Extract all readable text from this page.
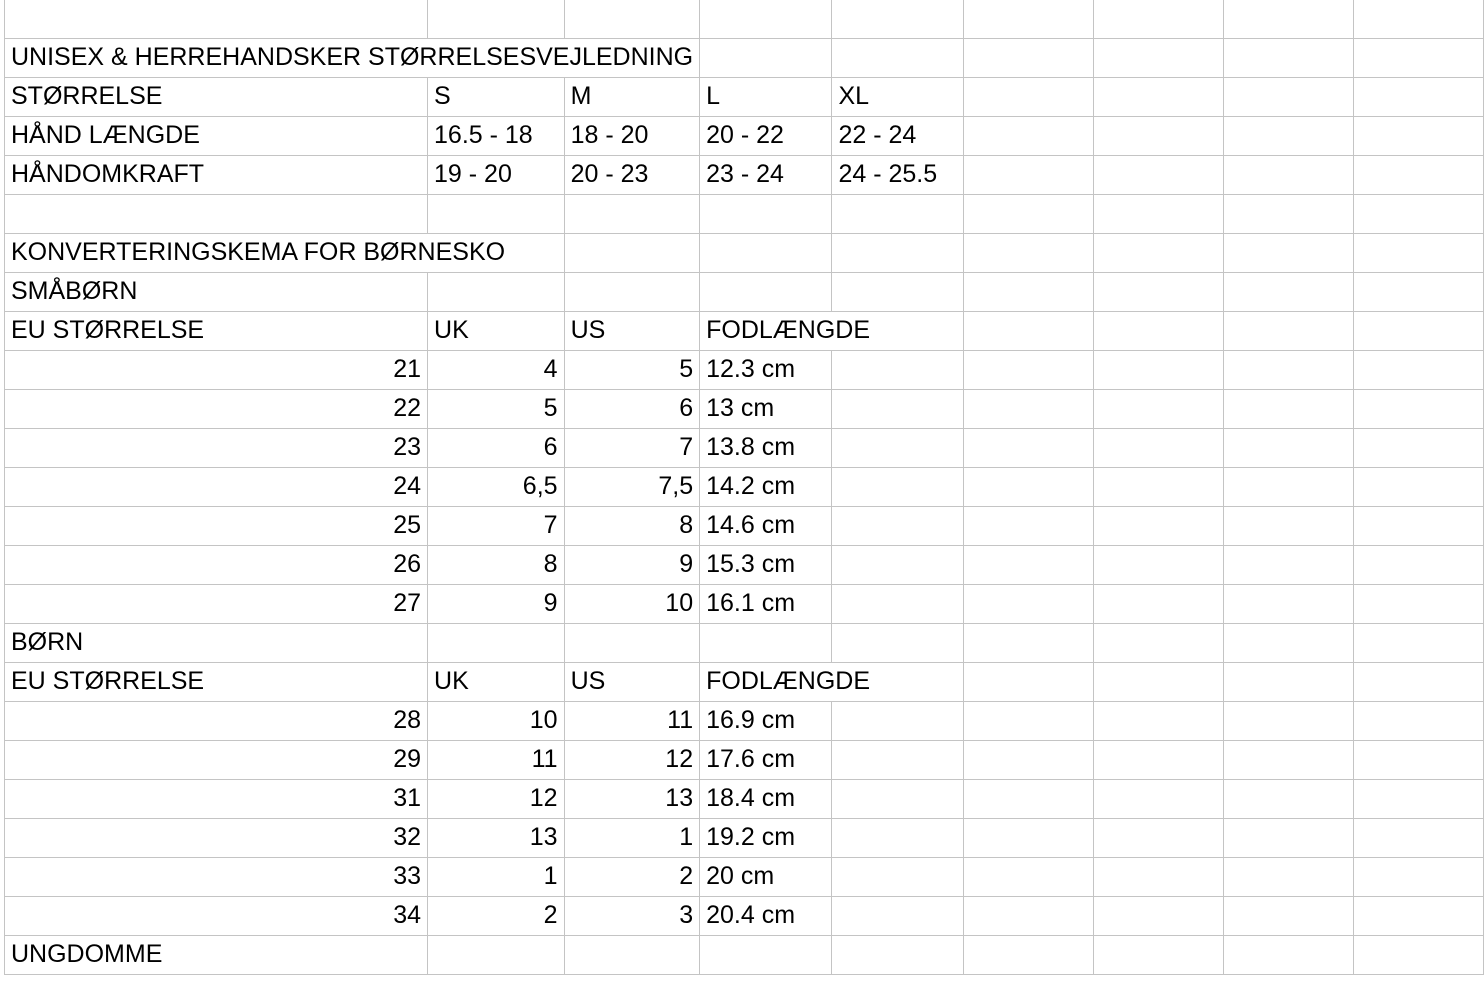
UNISEX & HERREHANDSKER STØRRELSESVEJLEDNING								
STØRRELSE	S	M	L	XL				
HÅND LÆNGDE	16.5 - 18	18 - 20	20 - 22	22 - 24				
HÅNDOMKRAFT	19 - 20	20 - 23	23 - 24	24 - 25.5				

KONVERTERINGSKEMA FOR BØRNESKO								
SMÅBØRN								
EU STØRRELSE	UK	US	FODLÆNGDE					
21	4	5	12.3 cm					
22	5	6	13 cm					
23	6	7	13.8 cm					
24	6,5	7,5	14.2 cm					
25	7	8	14.6 cm					
26	8	9	15.3 cm					
27	9	10	16.1 cm					
BØRN								
EU STØRRELSE	UK	US	FODLÆNGDE					
28	10	11	16.9 cm					
29	11	12	17.6 cm					
31	12	13	18.4 cm					
32	13	1	19.2 cm					
33	1	2	20 cm					
34	2	3	20.4 cm					
UNGDOMME								
